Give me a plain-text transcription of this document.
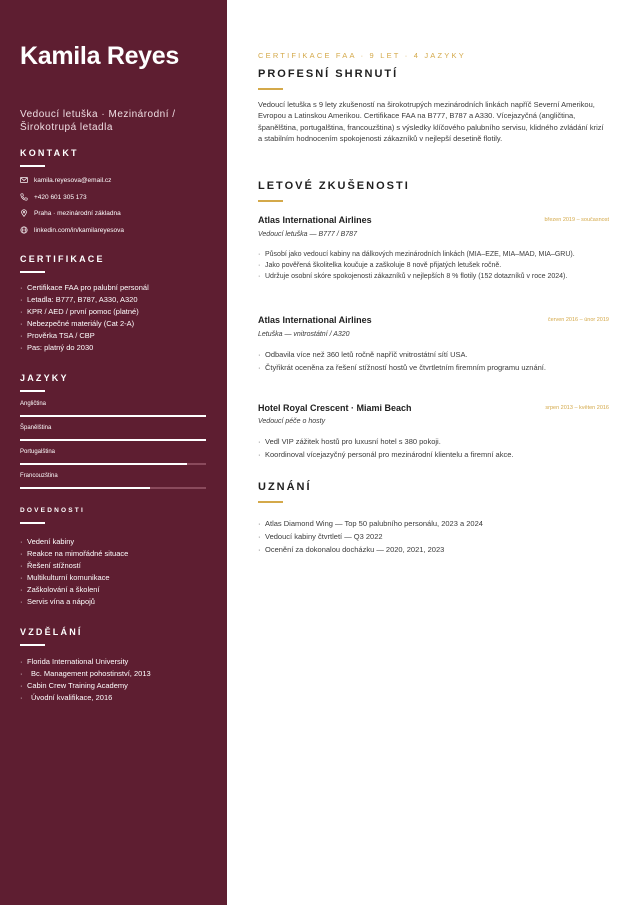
Kamila Reyes
Vedoucí letuška · Mezinárodní / Širokotrupá letadla
KONTAKT
kamila.reyesova@email.cz
+420 601 305 173
Praha · mezinárodní základna
linkedin.com/in/kamilareyesova
CERTIFIKACE
· Certifikace FAA pro palubní personál
· Letadla: B777, B787, A330, A320
· KPR / AED / první pomoc (platné)
· Nebezpečné materiály (Cat 2-A)
· Prověrka TSA / CBP
· Pas: platný do 2030
JAZYKY
Angličtina
Španělština
Portugalština
Francouzština
DOVEDNOSTI
· Vedení kabiny
· Reakce na mimořádné situace
· Řešení stížností
· Multikulturní komunikace
· Zaškolování a školení
· Servis vína a nápojů
VZDĚLÁNÍ
· Florida International University
· Bc. Management pohostinství, 2013
· Cabin Crew Training Academy
· Úvodní kvalifikace, 2016
CERTIFIKACE FAA · 9 LET · 4 JAZYKY
PROFESNÍ SHRNUTÍ

Vedoucí letuška s 9 lety zkušeností na širokotrupých mezinárodních linkách napříč Severní Amerikou, Evropou a Latinskou Amerikou. Certifikace FAA na B777, B787 a A330. Vícejazyčná (angličtina, španělština, portugalština, francouzština) s výsledky klíčového palubního servisu, klidného zvládání krizí a stabilním hodnocením spokojenosti zákazníků v nejlepší desetině flotily.

LETOVÉ ZKUŠENOSTI
Atlas International Airlines	březen 2019 – současnost
Vedoucí letuška — B777 / B787
· Působí jako vedoucí kabiny na dálkových mezinárodních linkách (MIA–EZE, MIA–MAD, MIA–GRU).
· Jako pověřená školitelka koučuje a zaškoluje 8 nově přijatých letušek ročně.
· Udržuje osobní skóre spokojenosti zákazníků v nejlepších 8 % flotily (152 dotazníků v roce 2024).
Atlas International Airlines	červen 2016 – únor 2019
Letuška — vnitrostátní / A320
· Odbavila více než 360 letů ročně napříč vnitrostátní sítí USA.
· Čtyřikrát oceněna za řešení stížností hostů ve čtvrtletním firemním programu uznání.
Hotel Royal Crescent · Miami Beach	srpen 2013 – květen 2016
Vedoucí péče o hosty
· Vedl VIP zážitek hostů pro luxusní hotel s 380 pokoji.
· Koordinoval vícejazyčný personál pro mezinárodní klientelu a firemní akce.
UZNÁNÍ
· Atlas Diamond Wing — Top 50 palubního personálu, 2023 a 2024
· Vedoucí kabiny čtvrtletí — Q3 2022
· Ocenění za dokonalou docházku — 2020, 2021, 2023
